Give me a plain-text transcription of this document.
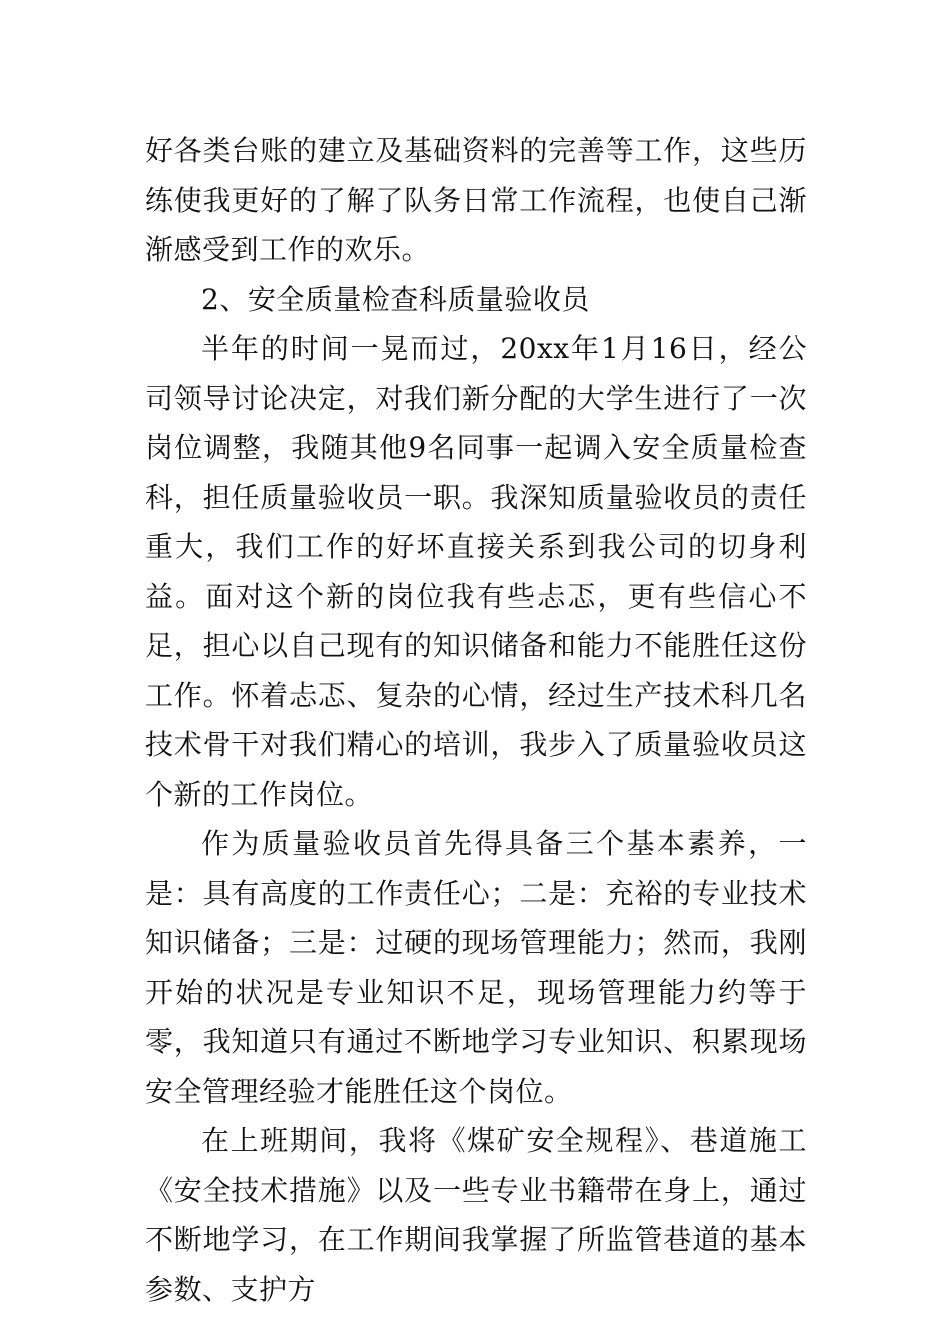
好各类台账的建立及基础资料的完善等工作，这些历练使我更好的了解了队务日常工作流程，也使自己渐渐感受到工作的欢乐。

2、安全质量检查科质量验收员

半年的时间一晃而过，20xx年1月16日，经公司领导讨论决定，对我们新分配的大学生进行了一次岗位调整，我随其他9名同事一起调入安全质量检查科，担任质量验收员一职。我深知质量验收员的责任重大，我们工作的好坏直接关系到我公司的切身利益。面对这个新的岗位我有些忐忑，更有些信心不足，担心以自己现有的知识储备和能力不能胜任这份工作。怀着忐忑、复杂的心情，经过生产技术科几名技术骨干对我们精心的培训，我步入了质量验收员这个新的工作岗位。

作为质量验收员首先得具备三个基本素养，一是：具有高度的工作责任心；二是：充裕的专业技术知识储备；三是：过硬的现场管理能力；然而，我刚开始的状况是专业知识不足，现场管理能力约等于零，我知道只有通过不断地学习专业知识、积累现场安全管理经验才能胜任这个岗位。

在上班期间，我将《煤矿安全规程》、巷道施工《安全技术措施》以及一些专业书籍带在身上，通过不断地学习，在工作期间我掌握了所监管巷道的基本参数、支护方
